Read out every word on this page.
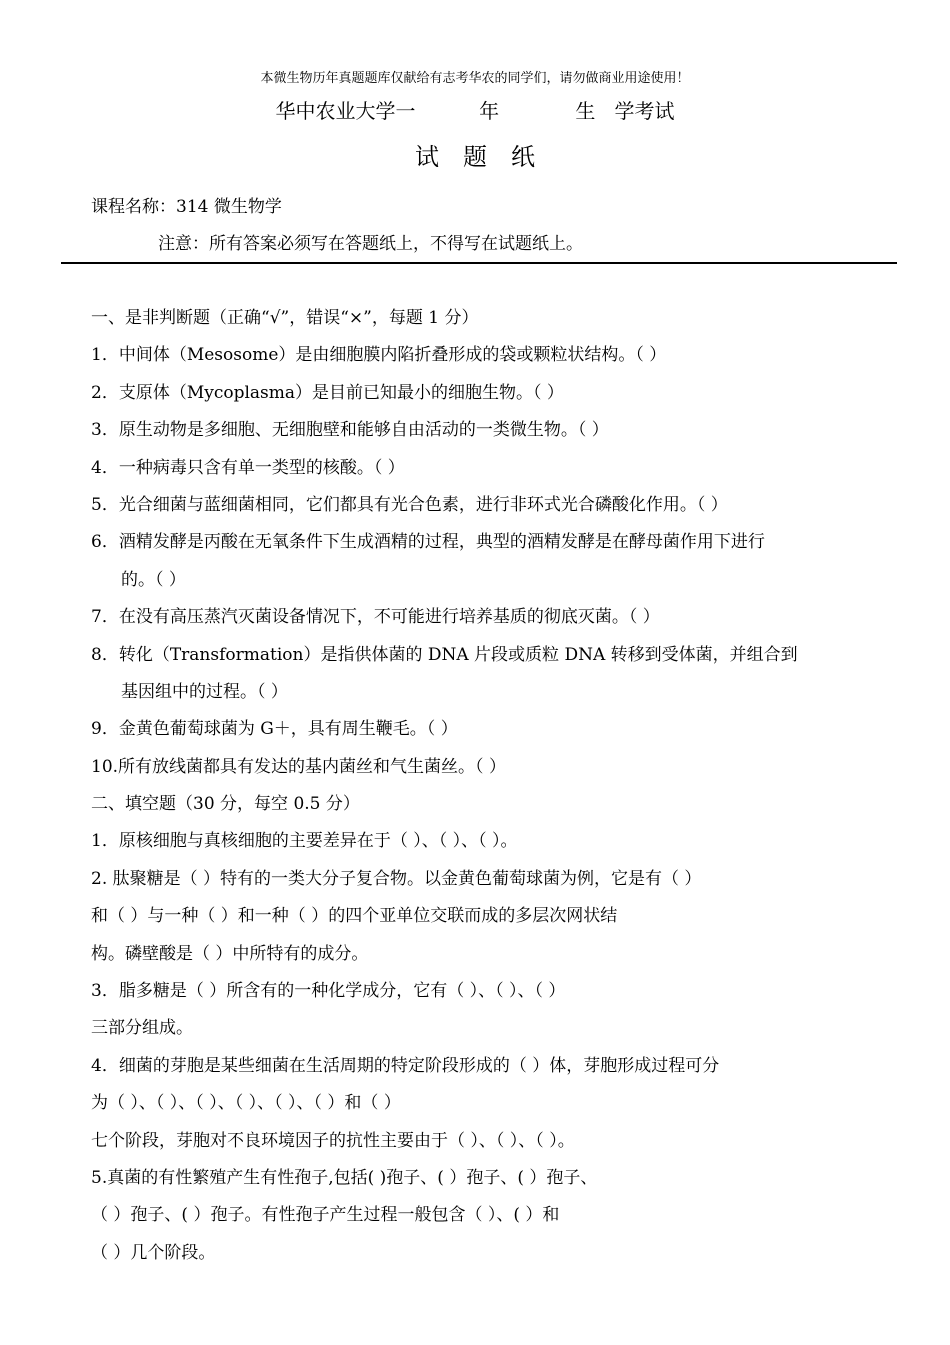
本微生物历年真题题库仅献给有志考华农的同学们，请勿做商业用途使用！
华中农业大学一          年            生   学考试
试题纸
课程名称：314 微生物学
注意：所有答案必须写在答题纸上，不得写在试题纸上。
一、是非判断题（正确“√”，错误“×”，每题 1 分）
1．中间体（Mesosome）是由细胞膜内陷折叠形成的袋或颗粒状结构。（ ）
2．支原体（Mycoplasma）是目前已知最小的细胞生物。（ ）
3．原生动物是多细胞、无细胞壁和能够自由活动的一类微生物。（ ）
4．一种病毒只含有单一类型的核酸。（ ）
5．光合细菌与蓝细菌相同，它们都具有光合色素，进行非环式光合磷酸化作用。（ ）
6．酒精发酵是丙酸在无氧条件下生成酒精的过程，典型的酒精发酵是在酵母菌作用下进行
的。（ ）
7．在没有高压蒸汽灭菌设备情况下，不可能进行培养基质的彻底灭菌。（ ）
8．转化（Transformation）是指供体菌的 DNA 片段或质粒 DNA 转移到受体菌，并组合到
基因组中的过程。（ ）
9．金黄色葡萄球菌为 G＋，具有周生鞭毛。（ ）
10.所有放线菌都具有发达的基内菌丝和气生菌丝。（ ）
二、填空题（30 分，每空 0.5 分）
1．原核细胞与真核细胞的主要差异在于（ ）、（ ）、（ ）。
2. 肽聚糖是（ ）特有的一类大分子复合物。以金黄色葡萄球菌为例，它是有（ ）
和（ ）与一种（ ）和一种（ ）的四个亚单位交联而成的多层次网状结
构。磷壁酸是（ ）中所特有的成分。
3．脂多糖是（ ）所含有的一种化学成分，它有（ ）、（ ）、（ ）
三部分组成。
4．细菌的芽胞是某些细菌在生活周期的特定阶段形成的（ ）体，芽胞形成过程可分
为（ ）、（ ）、（ ）、（ ）、（ ）、（ ）和（ ）
七个阶段，芽胞对不良环境因子的抗性主要由于（ ）、（ ）、（ ）。
5.真菌的有性繁殖产生有性孢子,包括( )孢子、( ）孢子、( ）孢子、
（ ）孢子、( ）孢子。有性孢子产生过程一般包含（ ）、( ）和
（ ）几个阶段。
